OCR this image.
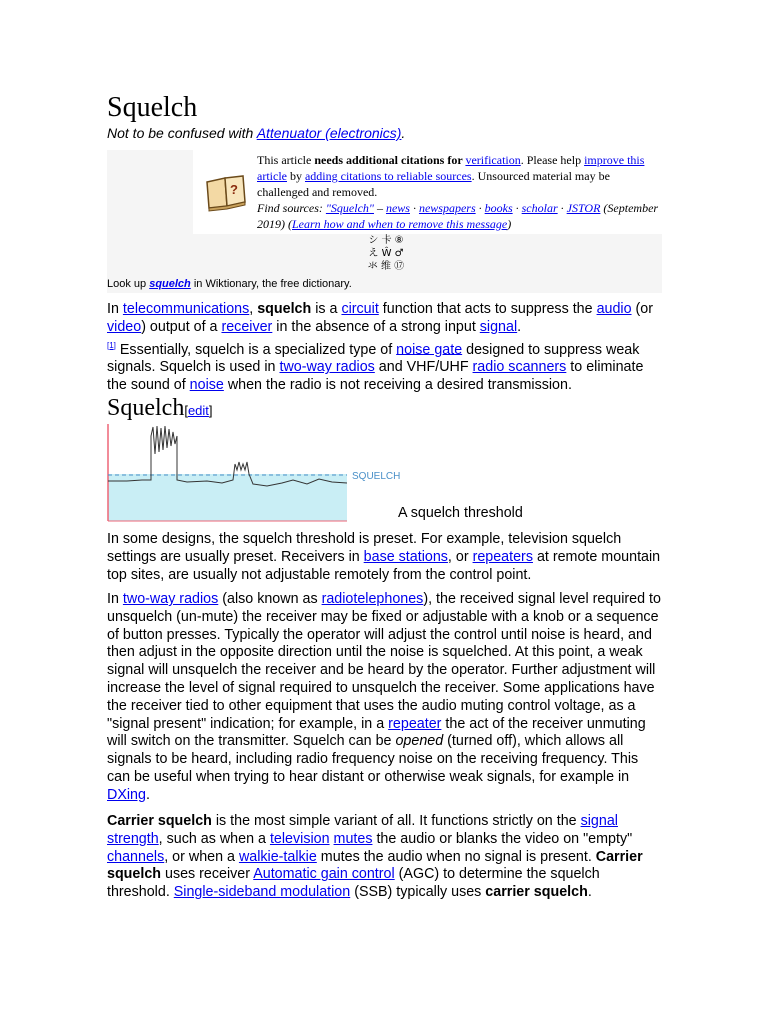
Squelch
Not to be confused with Attenuator (electronics).
?
This article needs additional citations for verification. Please help improve this article by adding citations to reliable sources. Unsourced material may be challenged and removed.
Find sources: "Squelch" – news · newspapers · books · scholar · JSTOR (September 2019) (Learn how and when to remove this message)
シ 卡 ⑧
え Ŵ ♂
氺 维 ⑰
Look up squelch in Wiktionary, the free dictionary.

In telecommunications, squelch is a circuit function that acts to suppress the audio (or video) output of a receiver in the absence of a strong input signal.
[1] Essentially, squelch is a specialized type of noise gate designed to suppress weak signals. Squelch is used in two-way radios and VHF/UHF radio scanners to eliminate the sound of noise when the radio is not receiving a desired transmission.

Squelch[edit]
SQUELCH
A squelch threshold

In some designs, the squelch threshold is preset. For example, television squelch settings are usually preset. Receivers in base stations, or repeaters at remote mountain top sites, are usually not adjustable remotely from the control point.

In two-way radios (also known as radiotelephones), the received signal level required to unsquelch (un-mute) the receiver may be fixed or adjustable with a knob or a sequence of button presses. Typically the operator will adjust the control until noise is heard, and then adjust in the opposite direction until the noise is squelched. At this point, a weak signal will unsquelch the receiver and be heard by the operator. Further adjustment will increase the level of signal required to unsquelch the receiver. Some applications have the receiver tied to other equipment that uses the audio muting control voltage, as a "signal present" indication; for example, in a repeater the act of the receiver unmuting will switch on the transmitter. Squelch can be opened (turned off), which allows all signals to be heard, including radio frequency noise on the receiving frequency. This can be useful when trying to hear distant or otherwise weak signals, for example in DXing.

Carrier squelch is the most simple variant of all. It functions strictly on the signal strength, such as when a television mutes the audio or blanks the video on "empty" channels, or when a walkie-talkie mutes the audio when no signal is present. Carrier squelch uses receiver Automatic gain control (AGC) to determine the squelch threshold. Single-sideband modulation (SSB) typically uses carrier squelch.
